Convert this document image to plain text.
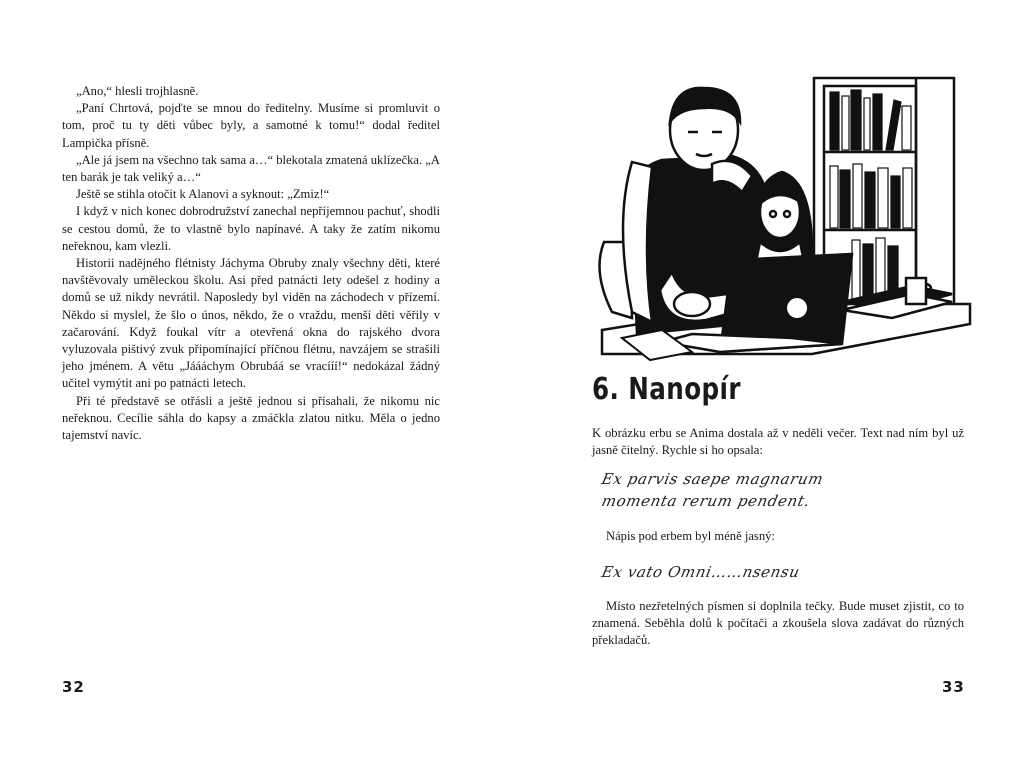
„Ano,“ hlesli trojhlasně.

„Paní Chrtová, pojďte se mnou do ředitelny. Musíme si promluvit o tom, proč tu ty děti vůbec byly, a samotné k tomu!“ dodal ředitel Lampička přísně.

„Ale já jsem na všechno tak sama a…“ blekotala zmatená uklízečka. „A ten barák je tak veliký a…“

Ještě se stihla otočit k Alanovi a syknout: „Zmiz!“

I když v nich konec dobrodružství zanechal nepříjemnou pachuť, shodli se cestou domů, že to vlastně bylo napínavé. A taky že zatím nikomu neřeknou, kam vlezli.

Historii nadějného flétnisty Jáchyma Obruby znaly všechny děti, které navštěvovaly uměleckou školu. Asi před patnácti lety odešel z hodiny a domů se už nikdy nevrátil. Naposledy byl viděn na záchodech v přízemí. Někdo si myslel, že šlo o únos, někdo, že o vraždu, menší děti věřily v začarování. Když foukal vítr a otevřená okna do rajského dvora vyluzovala pištivý zvuk připomínající příčnou flétnu, navzájem se strašili jeho jménem. A větu „Jáááchym Obrubáá se vracííí!“ nedokázal žádný učitel vymýtit ani po patnácti letech.

Při té představě se otřásli a ještě jednou si přísahali, že nikomu nic neřeknou. Cecílie sáhla do kapsy a zmáčkla zlatou nitku. Měla o jedno tajemství navíc.

32
6. Nanopír

K obrázku erbu se Anima dostala až v neděli večer. Text nad ním byl už jasně čitelný. Rychle si ho opsala:

Ex parvis saepe magnarum
momenta rerum pendent.

Nápis pod erbem byl méně jasný:

Ex vato Omni……nsensu

Místo nezřetelných písmen si doplnila tečky. Bude muset zjistit, co to znamená. Seběhla dolů k počítači a zkoušela slova zadávat do různých překladačů.

33
